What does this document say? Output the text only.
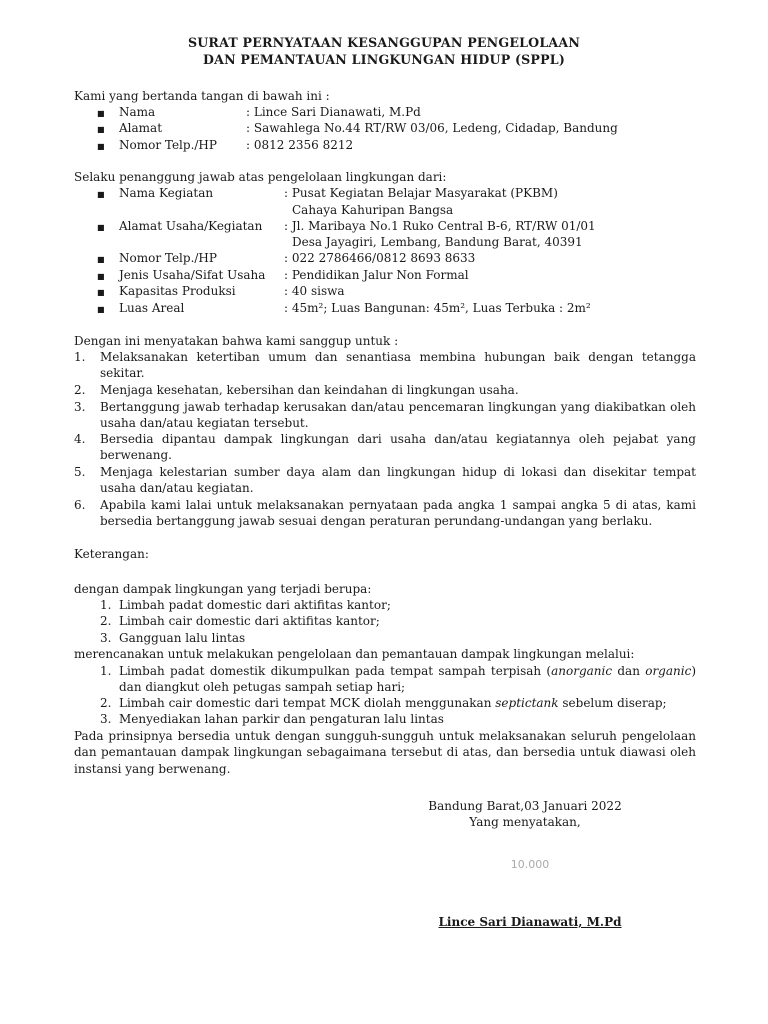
SURAT PERNYATAAN KESANGGUPAN PENGELOLAAN
DAN PEMANTAUAN LINGKUNGAN HIDUP (SPPL)
Kami yang bertanda tangan di bawah ini :
■ Nama	: Lince Sari Dianawati, M.Pd
■ Alamat	: Sawahlega No.44 RT/RW 03/06, Ledeng, Cidadap, Bandung
■ Nomor Telp./HP : 0812 2356 8212
Selaku penanggung jawab atas pengelolaan lingkungan dari:
■ Nama Kegiatan	: Pusat Kegiatan Belajar Masyarakat (PKBM)
Cahaya Kahuripan Bangsa
■ Alamat Usaha/Kegiatan : Jl. Maribaya No.1 Ruko Central B-6, RT/RW 01/01
Desa Jayagiri, Lembang, Bandung Barat, 40391
■ Nomor Telp./HP	: 022 2786466/0812 8693 8633
■ Jenis Usaha/Sifat Usaha : Pendidikan Jalur Non Formal
■ Kapasitas Produksi	: 40 siswa
■ Luas Areal	: 45m²; Luas Bangunan: 45m², Luas Terbuka : 2m²
Dengan ini menyatakan bahwa kami sanggup untuk :
1. Melaksanakan ketertiban umum dan senantiasa membina hubungan baik dengan tetangga sekitar.
2. Menjaga kesehatan, kebersihan dan keindahan di lingkungan usaha.
3. Bertanggung jawab terhadap kerusakan dan/atau pencemaran lingkungan yang diakibatkan oleh usaha dan/atau kegiatan tersebut.
4. Bersedia dipantau dampak lingkungan dari usaha dan/atau kegiatannya oleh pejabat yang berwenang.
5. Menjaga kelestarian sumber daya alam dan lingkungan hidup di lokasi dan disekitar tempat usaha dan/atau kegiatan.
6. Apabila kami lalai untuk melaksanakan pernyataan pada angka 1 sampai angka 5 di atas, kami bersedia bertanggung jawab sesuai dengan peraturan perundang-undangan yang berlaku.
Keterangan:
dengan dampak lingkungan yang terjadi berupa:
1. Limbah padat domestic dari aktifitas kantor;
2. Limbah cair domestic dari aktifitas kantor;
3. Gangguan lalu lintas
merencanakan untuk melakukan pengelolaan dan pemantauan dampak lingkungan melalui:
1. Limbah padat domestik dikumpulkan pada tempat sampah terpisah (anorganic dan organic) dan diangkut oleh petugas sampah setiap hari;
2. Limbah cair domestic dari tempat MCK diolah menggunakan septictank sebelum diserap;
3. Menyediakan lahan parkir dan pengaturan lalu lintas
Pada prinsipnya bersedia untuk dengan sungguh-sungguh untuk melaksanakan seluruh pengelolaan dan pemantauan dampak lingkungan sebagaimana tersebut di atas, dan bersedia untuk diawasi oleh instansi yang berwenang.
Bandung Barat,03 Januari 2022
Yang menyatakan,
10.000
Lince Sari Dianawati, M.Pd
